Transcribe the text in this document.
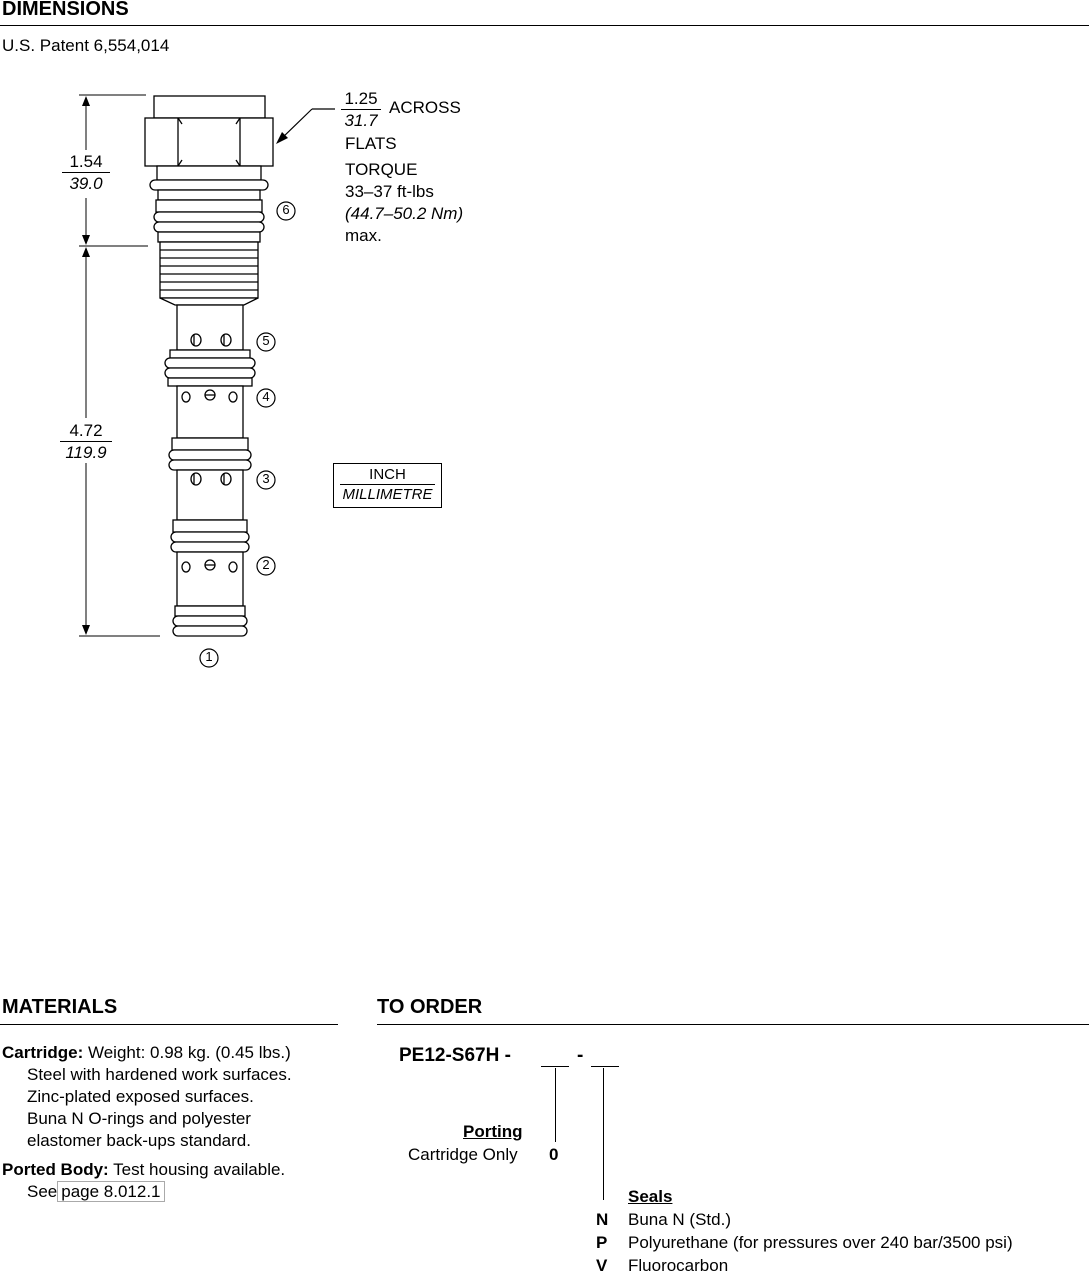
DIMENSIONS
U.S. Patent 6,554,014
6
5
4
3
2
1
$\frac{1.54}{39.0}$
$\frac{4.72}{119.9}$
$\frac{1.25}{31.7}$ ACROSS
FLATS
TORQUE
33–37 ft-lbs
(44.7–50.2 Nm)
max.
INCH
MILLIMETRE
MATERIALS
Cartridge: Weight: 0.98 kg. (0.45 lbs.)
Steel with hardened work surfaces.
Zinc-plated exposed surfaces.
Buna N O-rings and polyester
elastomer back-ups standard.
Ported Body: Test housing available.
See page 8.012.1
TO ORDER
PE12-S67H -	-
Porting
Cartridge Only 0
Seals
N Buna N (Std.)
P Polyurethane (for pressures over 240 bar/3500 psi)
V Fluorocarbon
